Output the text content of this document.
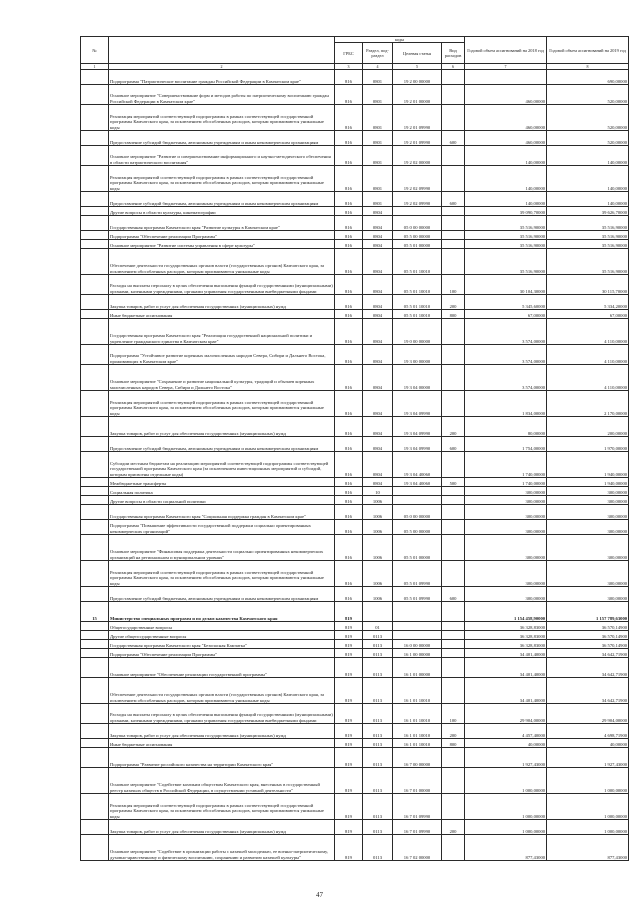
№		коды				Годовой объем ассигнований на 2018 год	Годовой объем ассигнований на 2019 год
		ГРБС	Раздел, под-раздел	Целевая статья	Вид расходов		
1	2	3	4	5	6	7	8
	Подпрограмма "Патриотическое воспитание граждан Российской Федерации в Камчатском крае"	816	0801	19 2 00 00000			690,00000
	Основное мероприятие "Совершенствование форм и методов работы по патриотическому воспитанию граждан Российской Федерации в Камчатском крае"	816	0801	19 2 01 00000		460,00000	520,00000
	Реализация мероприятий соответствующей подпрограммы в рамках соответствующей государственной программы Камчатского края, за исключением обособленных расходов, которым присваиваются уникальные коды	816	0801	19 2 01 09990		460,00000	520,00000
	Предоставление субсидий бюджетным, автономным учреждениям и иным некоммерческим организациям	816	0801	19 2 01 09990	600	460,00000	520,00000
	Основное мероприятие "Развитие и совершенствование информационного и научно-методического обеспечения в области патриотического воспитания"	816	0801	19 2 02 00000		140,00000	140,00000
	Реализация мероприятий соответствующей подпрограммы в рамках соответствующей государственной программы Камчатского края, за исключением обособленных расходов, которым присваиваются уникальные коды	816	0801	19 2 02 09990		140,00000	140,00000
	Предоставление субсидий бюджетным, автономным учреждениям и иным некоммерческим организациям	816	0801	19 2 02 09990	600	140,00000	140,00000
	Другие вопросы в области культуры, кинематографии	816	0804			39 090,70000	39 626,70000
	Государственная программа Камчатского края "Развитие культуры в Камчатском крае"	816	0804	05 0 00 00000		35 516,90000	35 516,90000
	Подпрограмма "Обеспечение реализации Программы"	816	0804	05 5 00 00000		35 516,90000	35 516,90000
	Основное мероприятие "Развитие системы управления в сфере культуры"	816	0804	05 5 01 00000		35 516,90000	35 516,90000
	Обеспечение деятельности государственных органов власти (государственных органов) Камчатского края, за исключением обособленных расходов, которым присваиваются уникальные коды	816	0804	05 5 01 10010		35 516,90000	35 516,90000
	Расходы на выплаты персоналу в целях обеспечения выполнения функций государственными (муниципальными) органами, казенными учреждениями, органами управления государственными внебюджетными фондами	816	0804	05 5 01 10010	100	30 104,30000	30 115,70000
	Закупка товаров, работ и услуг для обеспечения государственных (муниципальных) нужд	816	0804	05 5 01 10010	200	5 345,60000	5 334,20000
	Иные бюджетные ассигнования	816	0804	05 5 01 10010	800	67,00000	67,00000
	Государственная программа Камчатского края "Реализация государственной национальной политики и укрепление гражданского единства в Камчатском крае"	816	0804	19 0 00 00000		3 574,00000	4 110,00000
	Подпрограмма "Устойчивое развитие коренных малочисленных народов Севера, Сибири и Дальнего Востока, проживающих в Камчатском крае"	816	0804	19 3 00 00000		3 574,00000	4 110,00000
	Основное мероприятие "Сохранение и развитие национальной культуры, традиций и обычаев коренных малочисленных народов Севера, Сибири и Дальнего Востока"	816	0804	19 3 04 00000		3 574,00000	4 110,00000
	Реализация мероприятий соответствующей подпрограммы в рамках соответствующей государственной программы Камчатского края, за исключением обособленных расходов, которым присваиваются уникальные коды	816	0804	19 3 04 09990		1 834,00000	2 170,00000
	Закупка товаров, работ и услуг для обеспечения государственных (муниципальных) нужд	816	0804	19 3 04 09990	200	80,00000	200,00000
	Предоставление субсидий бюджетным, автономным учреждениям и иным некоммерческим организациям	816	0804	19 3 04 09990	600	1 754,00000	1 970,00000
	Субсидии местным бюджетам на реализацию мероприятий соответствующей подпрограммы соответствующей государственной программы Камчатского края (за исключением инвестиционных мероприятий и субсидий, которым присвоены отдельные коды)	816	0804	19 3 04 40060		1 740,00000	1 940,00000
	Межбюджетные трансферты	816	0804	19 3 04 40060	500	1 740,00000	1 940,00000
	Социальная политика	816	10			300,00000	300,00000
	Другие вопросы в области социальной политики	816	1006			300,00000	300,00000
	Государственная программа Камчатского края "Социальная поддержка граждан в Камчатском крае"	816	1006	05 0 00 00000		300,00000	300,00000
	Подпрограмма "Повышение эффективности государственной поддержки социально ориентированных некоммерческих организаций"	816	1006	05 5 00 00000		300,00000	300,00000
	Основное мероприятие "Финансовая поддержка деятельности социально ориентированных некоммерческих организаций на региональном и муниципальном уровнях"	816	1006	05 5 01 00000		300,00000	300,00000
	Реализация мероприятий соответствующей подпрограммы в рамках соответствующей государственной программы Камчатского края, за исключением обособленных расходов, которым присваиваются уникальные коды	816	1006	05 5 01 09990		300,00000	300,00000
	Предоставление субсидий бюджетным, автономным учреждениям и иным некоммерческим организациям	816	1006	05 5 01 09990	600	300,00000	300,00000
15	Министерство специальных программ и по делам казачества Камчатского края	819				1 154 458,90000	1 157 789,63000
	Общегосударственные вопросы	819	01			36 328,83000	36 570,14900
	Другие общегосударственные вопросы	819	0113			36 328,83000	36 570,14900
	Государственная программа Камчатского края "Безопасная Камчатка"	819	0113	16 0 00 00000		36 328,83000	36 570,14900
	Подпрограмма "Обеспечение реализации Программы"	819	0113	16 1 00 00000		34 401,40000	34 642,71900
	Основное мероприятие "Обеспечение реализации государственной программы"	819	0113	16 1 01 00000		34 401,40000	34 642,71900
	Обеспечение деятельности государственных органов власти (государственных органов) Камчатского края, за исключением обособленных расходов, которым присваиваются уникальные коды	819	0113	16 1 01 10010		34 401,40000	34 642,71900
	Расходы на выплаты персоналу в целях обеспечения выполнения функций государственными (муниципальными) органами, казенными учреждениями, органами управления государственными внебюджетными фондами	819	0113	16 1 01 10010	100	29 904,00000	29 904,00000
	Закупка товаров, работ и услуг для обеспечения государственных (муниципальных) нужд	819	0113	16 1 01 10010	200	4 457,40000	4 698,71900
	Иные бюджетные ассигнования	819	0113	16 1 01 10010	800	40,00000	40,00000
	Подпрограмма "Развитие российского казачества на территории Камчатского края"	819	0113	16 7 00 00000		1 927,43000	1 927,43000
	Основное мероприятие "Содействие казачьим обществам Камчатского края, внесенных в государственный реестр казачьих обществ в Российской Федерации, в осуществлении уставной деятельности"	819	0113	16 7 01 00000		1 000,00000	1 000,00000
	Реализация мероприятий соответствующей подпрограммы в рамках соответствующей государственной программы Камчатского края, за исключением обособленных расходов, которым присваиваются уникальные коды	819	0113	16 7 01 09990		1 000,00000	1 000,00000
	Закупка товаров, работ и услуг для обеспечения государственных (муниципальных) нужд	819	0113	16 7 01 09990	200	1 000,00000	1 000,00000
	Основное мероприятие "Содействие в организации работы с казачьей молодежью, ее военно-патриотическому, духовно-нравственному и физическому воспитанию, сохранению и развитию казачьей культуры"	819	0113	16 7 02 00000		877,43000	877,43000
47
